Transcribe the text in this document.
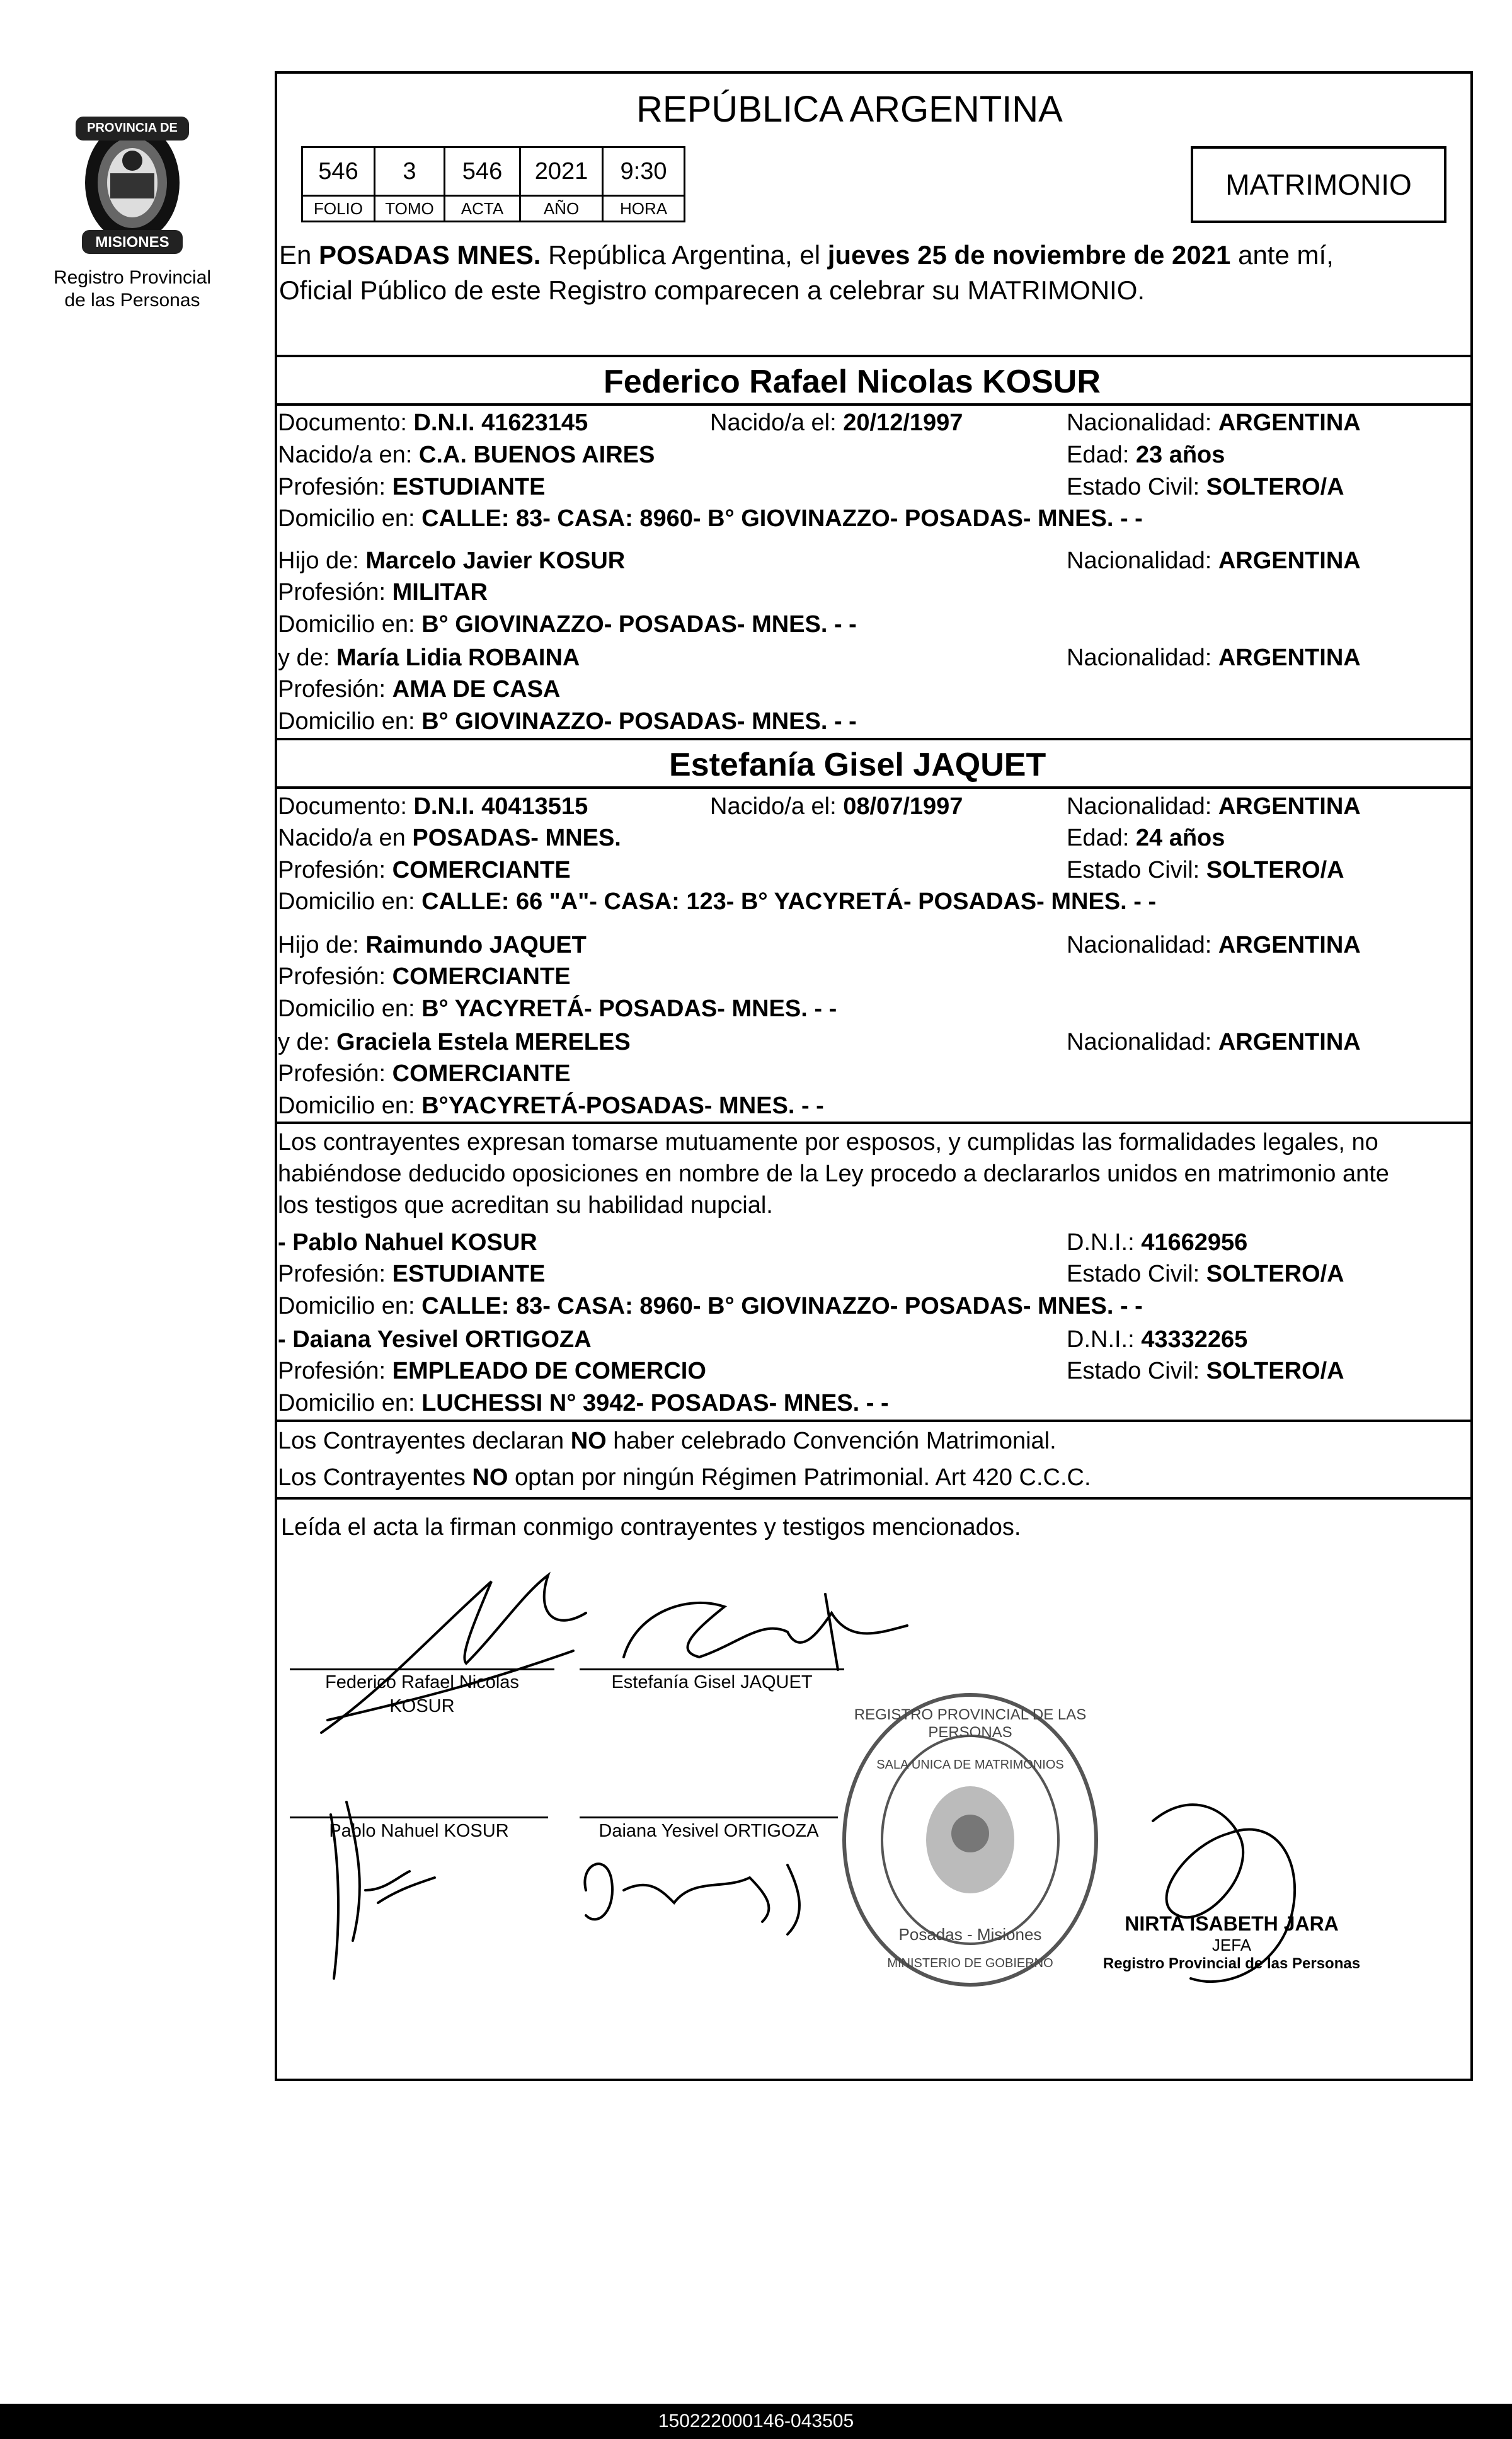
PROVINCIA DE
MISIONES
Registro Provincial
de las Personas
REPÚBLICA ARGENTINA
546	3	546	2021	9:30
FOLIO	TOMO	ACTA	AÑO	HORA
MATRIMONIO
En POSADAS MNES. República Argentina, el jueves 25 de noviembre de 2021 ante mí,
Oficial Público de este Registro comparecen a celebrar su MATRIMONIO.
Federico Rafael Nicolas KOSUR
Documento: D.N.I. 41623145	Nacido/a el: 20/12/1997	Nacionalidad: ARGENTINA
Nacido/a en: C.A. BUENOS AIRES	Edad: 23 años
Profesión: ESTUDIANTE	Estado Civil: SOLTERO/A
Domicilio en: CALLE: 83- CASA: 8960- B° GIOVINAZZO- POSADAS- MNES. - -
Hijo de: Marcelo Javier KOSUR	Nacionalidad: ARGENTINA
Profesión: MILITAR
Domicilio en: B° GIOVINAZZO- POSADAS- MNES. - -
y de: María Lidia ROBAINA	Nacionalidad: ARGENTINA
Profesión: AMA DE CASA
Domicilio en: B° GIOVINAZZO- POSADAS- MNES. - -
Estefanía Gisel JAQUET
Documento: D.N.I. 40413515	Nacido/a el: 08/07/1997	Nacionalidad: ARGENTINA
Nacido/a en POSADAS- MNES.	Edad: 24 años
Profesión: COMERCIANTE	Estado Civil: SOLTERO/A
Domicilio en: CALLE: 66 "A"- CASA: 123- B° YACYRETÁ- POSADAS- MNES. - -
Hijo de: Raimundo JAQUET	Nacionalidad: ARGENTINA
Profesión: COMERCIANTE
Domicilio en: B° YACYRETÁ- POSADAS- MNES. - -
y de: Graciela Estela MERELES	Nacionalidad: ARGENTINA
Profesión: COMERCIANTE
Domicilio en: B°YACYRETÁ-POSADAS- MNES. - -
Los contrayentes expresan tomarse mutuamente por esposos, y cumplidas las formalidades legales, no
habiéndose deducido oposiciones en nombre de la Ley procedo a declararlos unidos en matrimonio ante
los testigos que acreditan su habilidad nupcial.
- Pablo Nahuel KOSUR	D.N.I.: 41662956
Profesión: ESTUDIANTE	Estado Civil: SOLTERO/A
Domicilio en: CALLE: 83- CASA: 8960- B° GIOVINAZZO- POSADAS- MNES. - -
- Daiana Yesivel ORTIGOZA	D.N.I.: 43332265
Profesión: EMPLEADO DE COMERCIO	Estado Civil: SOLTERO/A
Domicilio en: LUCHESSI N° 3942- POSADAS- MNES. - -
Los Contrayentes declaran NO haber celebrado Convención Matrimonial.
Los Contrayentes NO optan por ningún Régimen Patrimonial. Art 420 C.C.C.
Leída el acta la firman conmigo contrayentes y testigos mencionados.
Federico Rafael Nicolas
KOSUR
Estefanía Gisel JAQUET
Pablo Nahuel KOSUR	Daiana Yesivel ORTIGOZA
REGISTRO PROVINCIAL DE LAS PERSONAS
SALA UNICA DE MATRIMONIOS
Posadas - Misiones
MINISTERIO DE GOBIERNO
NIRTA ISABETH JARA
JEFA
Registro Provincial de las Personas
150222000146-043505
